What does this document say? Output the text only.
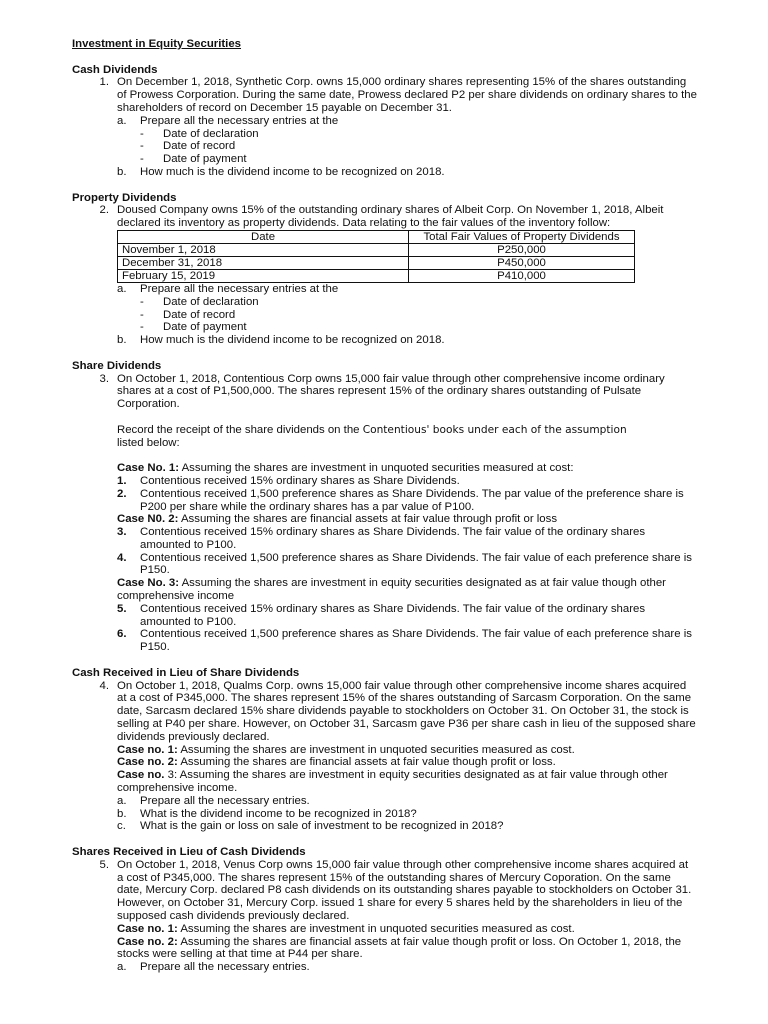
Investment in Equity Securities
Cash Dividends
1. On December 1, 2018, Synthetic Corp. owns 15,000 ordinary shares representing 15% of the shares outstanding of Prowess Corporation. During the same date, Prowess declared P2 per share dividends on ordinary shares to the shareholders of record on December 15 payable on December 31.
a.	Prepare all the necessary entries at the
-	Date of declaration
-	Date of record
-	Date of payment
b.	How much is the dividend income to be recognized on 2018.
Property Dividends
2. Doused Company owns 15% of the outstanding ordinary shares of Albeit Corp. On November 1, 2018, Albeit declared its inventory as property dividends. Data relating to the fair values of the inventory follow:
Date	Total Fair Values of Property Dividends
November 1, 2018	P250,000
December 31, 2018	P450,000
February 15, 2019	P410,000
a.	Prepare all the necessary entries at the
-	Date of declaration
-	Date of record
-	Date of payment
b.	How much is the dividend income to be recognized on 2018.
Share Dividends
3. On October 1, 2018, Contentious Corp owns 15,000 fair value through other comprehensive income ordinary shares at a cost of P1,500,000. The shares represent 15% of the ordinary shares outstanding of Pulsate Corporation.
Record the receipt of the share dividends on the Contentious' books under each of the assumption
listed below:
Case No. 1: Assuming the shares are investment in unquoted securities measured at cost:
1.	Contentious received 15% ordinary shares as Share Dividends.
2.	Contentious received 1,500 preference shares as Share Dividends. The par value of the preference share is P200 per share while the ordinary shares has a par value of P100.
Case N0. 2: Assuming the shares are financial assets at fair value through profit or loss
3.	Contentious received 15% ordinary shares as Share Dividends. The fair value of the ordinary shares amounted to P100.
4.	Contentious received 1,500 preference shares as Share Dividends. The fair value of each preference share is P150.
Case No. 3: Assuming the shares are investment in equity securities designated as at fair value though other comprehensive income
5.	Contentious received 15% ordinary shares as Share Dividends. The fair value of the ordinary shares amounted to P100.
6.	Contentious received 1,500 preference shares as Share Dividends. The fair value of each preference share is P150.
Cash Received in Lieu of Share Dividends
4. On October 1, 2018, Qualms Corp. owns 15,000 fair value through other comprehensive income shares acquired at a cost of P345,000. The shares represent 15% of the shares outstanding of Sarcasm Corporation. On the same date, Sarcasm declared 15% share dividends payable to stockholders on October 31. On October 31, the stock is selling at P40 per share. However, on October 31, Sarcasm gave P36 per share cash in lieu of the supposed share dividends previously declared.
Case no. 1: Assuming the shares are investment in unquoted securities measured as cost.
Case no. 2: Assuming the shares are financial assets at fair value though profit or loss.
Case no. 3: Assuming the shares are investment in equity securities designated as at fair value through other comprehensive income.
a.	Prepare all the necessary entries.
b.	What is the dividend income to be recognized in 2018?
c.	What is the gain or loss on sale of investment to be recognized in 2018?
Shares Received in Lieu of Cash Dividends
5. On October 1, 2018, Venus Corp owns 15,000 fair value through other comprehensive income shares acquired at a cost of P345,000. The shares represent 15% of the outstanding shares of Mercury Coporation. On the same date, Mercury Corp. declared P8 cash dividends on its outstanding shares payable to stockholders on October 31. However, on October 31, Mercury Corp. issued 1 share for every 5 shares held by the shareholders in lieu of the supposed cash dividends previously declared.
Case no. 1: Assuming the shares are investment in unquoted securities measured as cost.
Case no. 2: Assuming the shares are financial assets at fair value though profit or loss. On October 1, 2018, the stocks were selling at that time at P44 per share.
a.	Prepare all the necessary entries.
